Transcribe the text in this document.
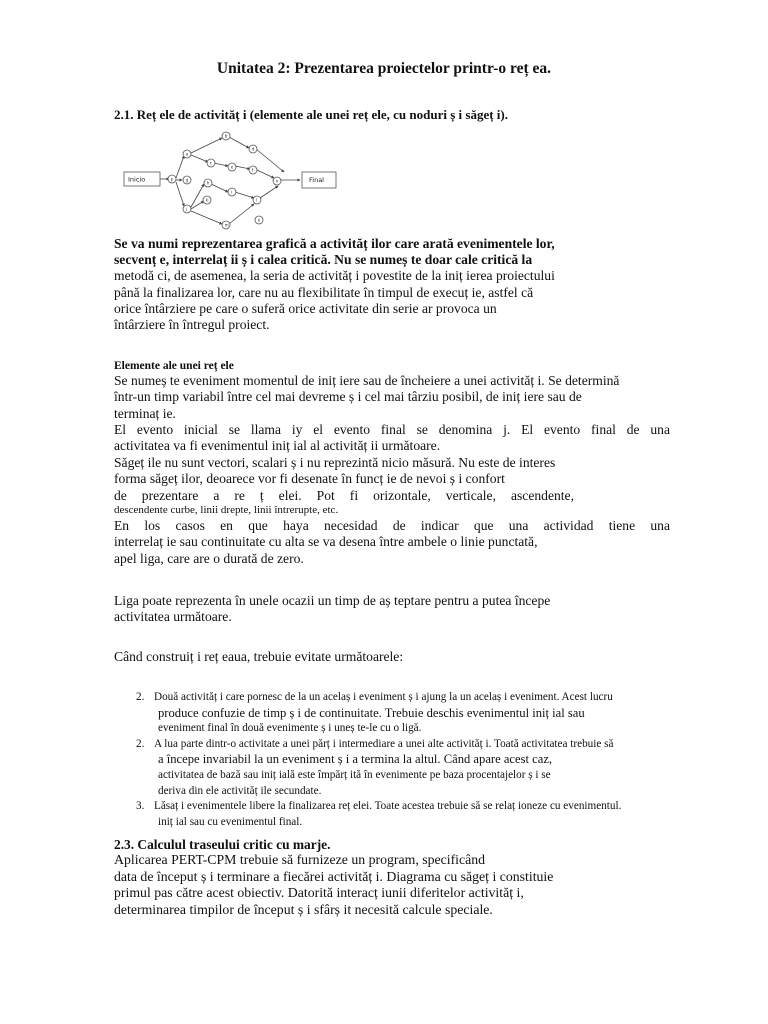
Unitatea 2: Prezentarea proiectelor printr-o reț ea.
2.1. Reț ele de activităț i (elemente ale unei reț ele, cu noduri ș i săgeț i).
Inicio	Final
a
b
c
d
e
f
g
h
i
j
k	l
m
n
o
p
Se va numi reprezentarea grafică a activităț ilor care arată evenimentele lor,
secvenț e, interrelaț ii ș i calea critică. Nu se numeș te doar cale critică la
metodă ci, de asemenea, la seria de activităț i povestite de la iniț ierea proiectului
până la finalizarea lor, care nu au flexibilitate în timpul de execuț ie, astfel că
orice întârziere pe care o suferă orice activitate din serie ar provoca un
întârziere în întregul proiect.
Elemente ale unei reț ele
Se numeș te eveniment momentul de iniț iere sau de încheiere a unei activităț i. Se determină
într-un timp variabil între cel mai devreme ș i cel mai târziu posibil, de iniț iere sau de
terminaț ie.
El evento inicial se llama iy el evento final se denomina j. El evento final de una
activitatea va fi evenimentul iniț ial al activităț ii următoare.
Săgeț ile nu sunt vectori, scalari ș i nu reprezintă nicio măsură. Nu este de interes
forma săgeț ilor, deoarece vor fi desenate în funcț ie de nevoi ș i confort
de prezentare a re ț elei. Pot fi orizontale, verticale, ascendente,
descendente curbe, linii drepte, linii întrerupte, etc.
En los casos en que haya necesidad de indicar que una actividad tiene una
interrelaț ie sau continuitate cu alta se va desena între ambele o linie punctată,
apel liga, care are o durată de zero.
Liga poate reprezenta în unele ocazii un timp de aș teptare pentru a putea începe
activitatea următoare.
Când construiț i reț eaua, trebuie evitate următoarele:
2. Două activităț i care pornesc de la un acelaș i eveniment ș i ajung la un acelaș i eveniment. Acest lucru
produce confuzie de timp ș i de continuitate. Trebuie deschis evenimentul iniț ial sau
eveniment final în două evenimente ș i uneș te-le cu o ligă.
2. A lua parte dintr-o activitate a unei părț i intermediare a unei alte activităț i. Toată activitatea trebuie să
a începe invariabil la un eveniment ș i a termina la altul. Când apare acest caz,
activitatea de bază sau iniț ială este împărț ită în evenimente pe baza procentajelor ș i se
deriva din ele activităț ile secundate.
3. Lăsaț i evenimentele libere la finalizarea reț elei. Toate acestea trebuie să se relaț ioneze cu evenimentul.
iniț ial sau cu evenimentul final.
2.3. Calculul traseului critic cu marje.
Aplicarea PERT-CPM trebuie să furnizeze un program, specificând
data de început ș i terminare a fiecărei activităț i. Diagrama cu săgeț i constituie
primul pas către acest obiectiv. Datorită interacț iunii diferitelor activităț i,
determinarea timpilor de început ș i sfârș it necesită calcule speciale.
